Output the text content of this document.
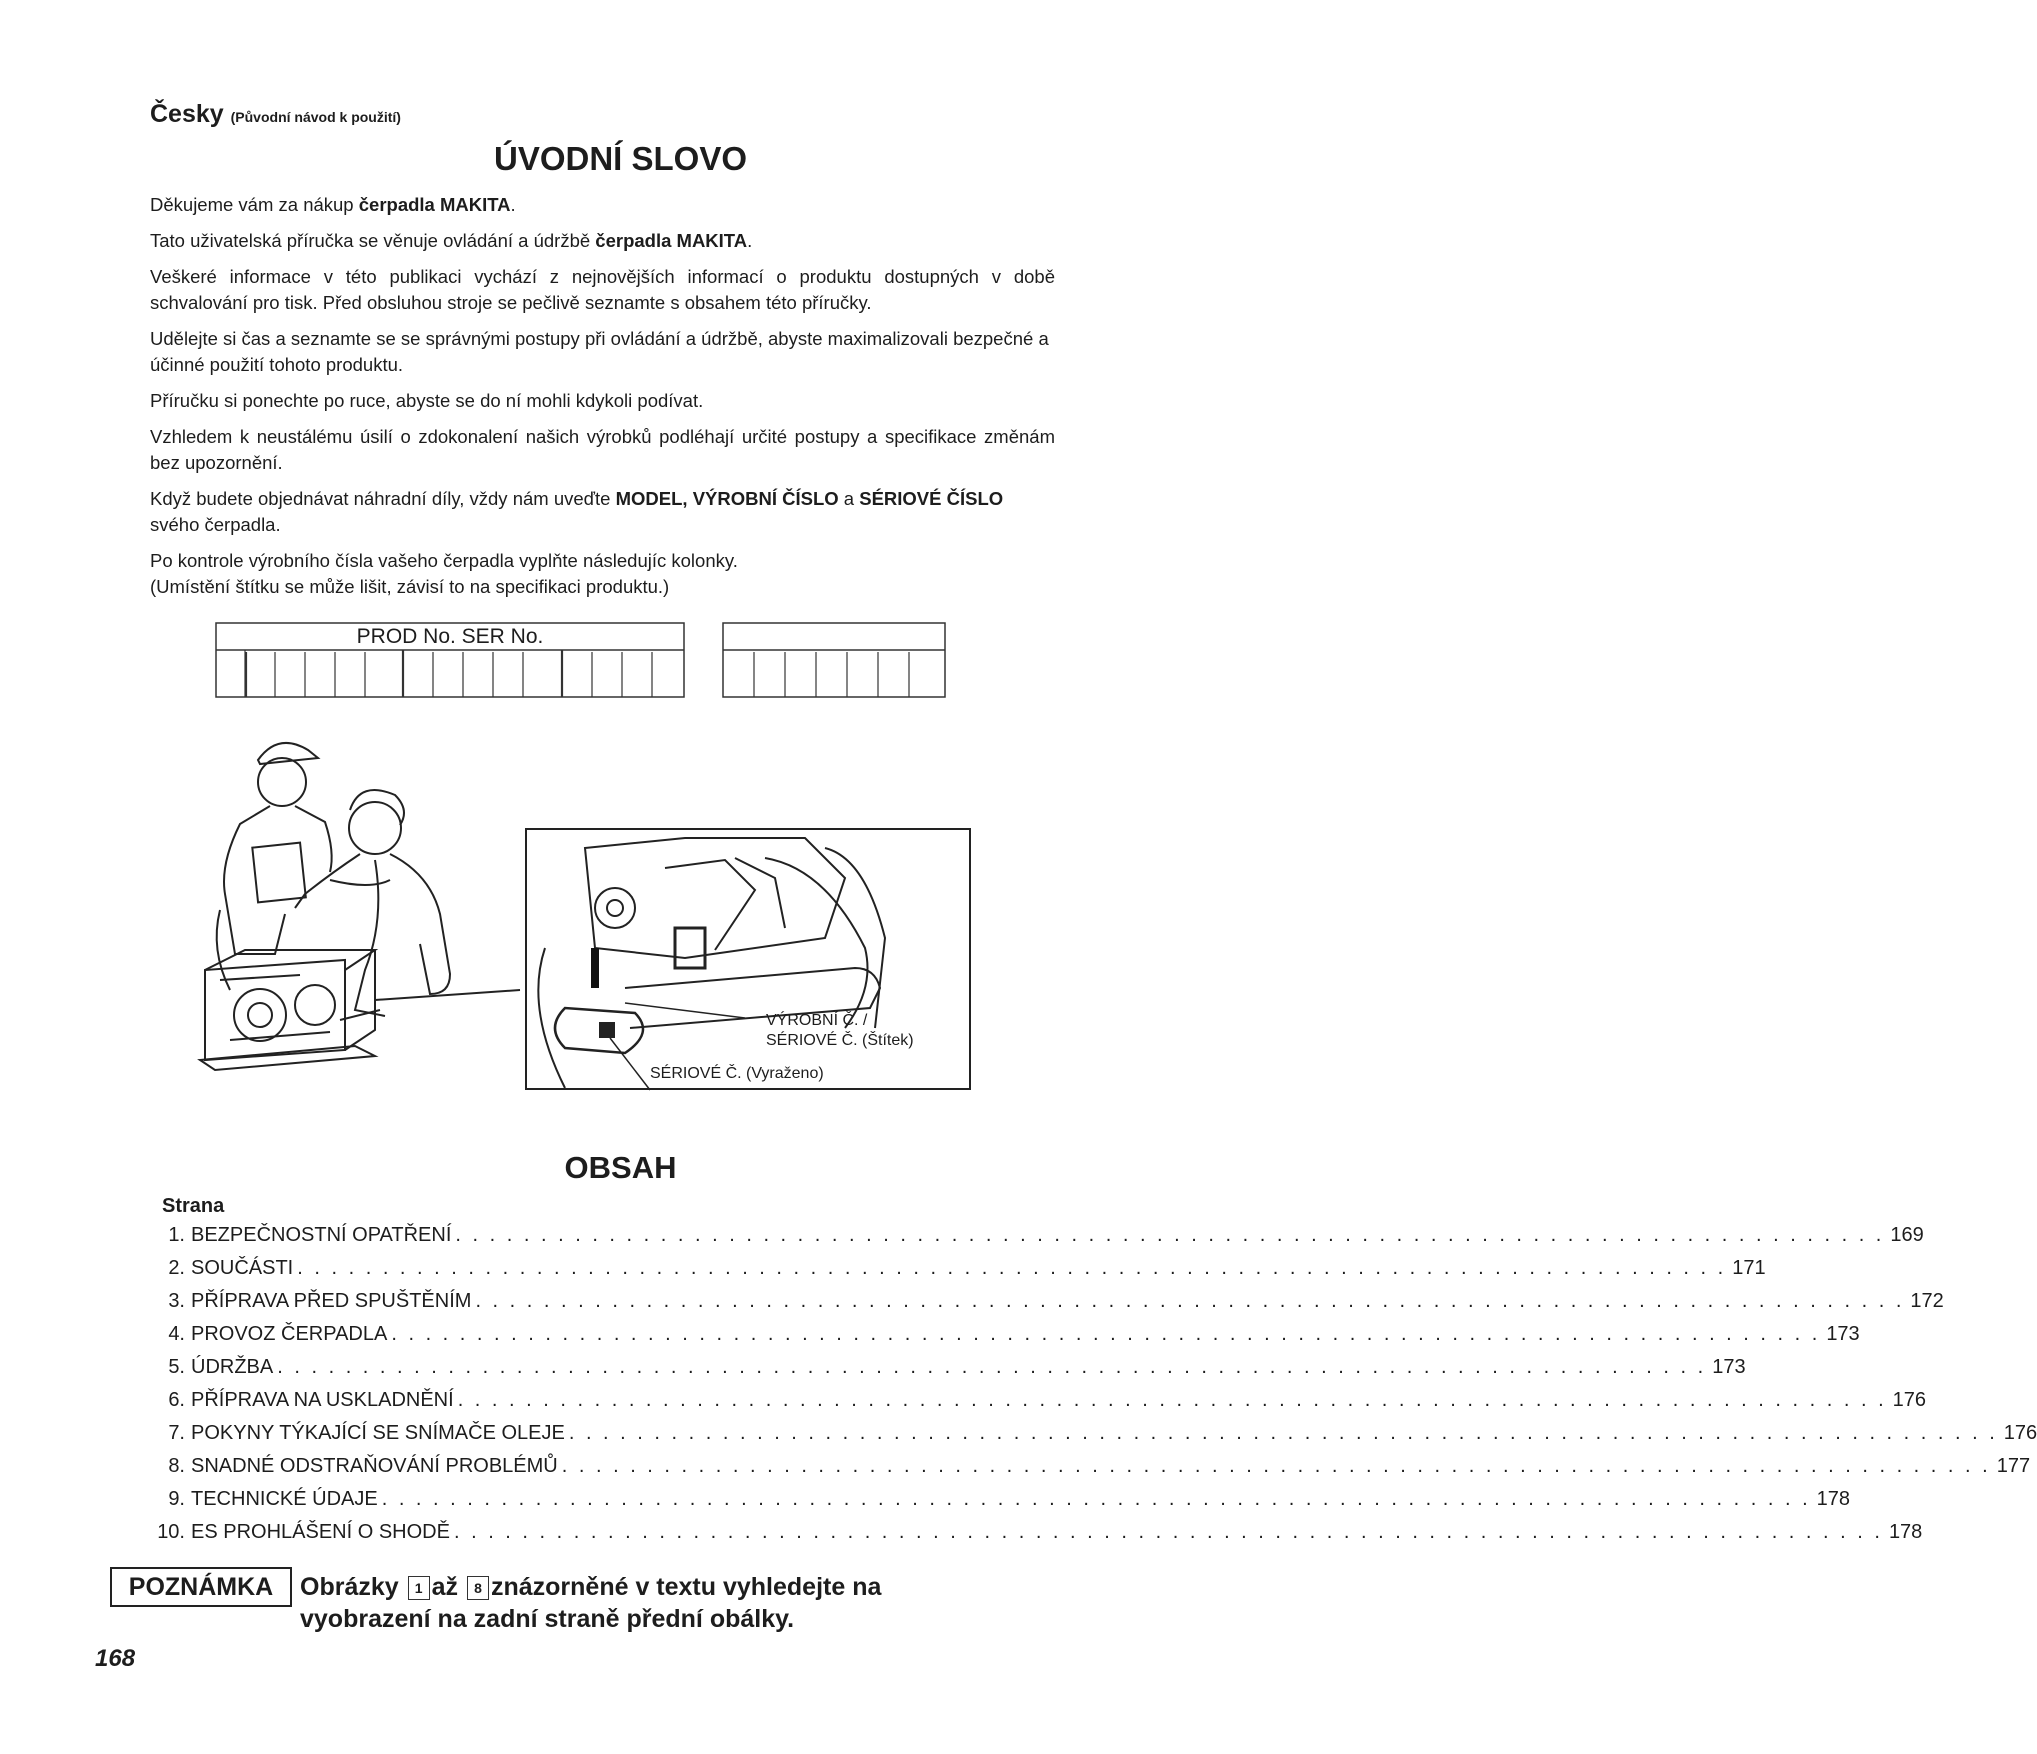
Česky (Původní návod k použití)
ÚVODNÍ SLOVO
Děkujeme vám za nákup čerpadla MAKITA.
Tato uživatelská příručka se věnuje ovládání a údržbě čerpadla MAKITA.
Veškeré informace v této publikaci vychází z nejnovějších informací o produktu dostupných v době schvalování pro tisk. Před obsluhou stroje se pečlivě seznamte s obsahem této příručky.
Udělejte si čas a seznamte se se správnými postupy při ovládání a údržbě, abyste maximalizovali bezpečné a účinné použití tohoto produktu.
Příručku si ponechte po ruce, abyste se do ní mohli kdykoli podívat.
Vzhledem k neustálému úsilí o zdokonalení našich výrobků podléhají určité postupy a specifikace změnám bez upozornění.
Když budete objednávat náhradní díly, vždy nám uveďte MODEL, VÝROBNÍ ČÍSLO a SÉRIOVÉ ČÍSLO svého čerpadla.
Po kontrole výrobního čísla vašeho čerpadla vyplňte následujíc kolonky.
(Umístění štítku se může lišit, závisí to na specifikaci produktu.)
PROD No. SER No.
VÝROBNÍ Č. /
SÉRIOVÉ Č. (Štítek)
SÉRIOVÉ Č. (Vyraženo)
OBSAH
Strana
1. BEZPEČNOSTNÍ OPATŘENÍ . . . . . . . . . . . . . . . . . . . . . . . . . . . . . . . . . . . . . . . . . . . . . . . . . . . . . . . . . . . . . . . . . . . . . . . . . . . . . . . . . . . . 169
2. SOUČÁSTI . . . . . . . . . . . . . . . . . . . . . . . . . . . . . . . . . . . . . . . . . . . . . . . . . . . . . . . . . . . . . . . . . . . . . . . . . . . . . . . . . . . . 171
3. PŘÍPRAVA PŘED SPUŠTĚNÍM . . . . . . . . . . . . . . . . . . . . . . . . . . . . . . . . . . . . . . . . . . . . . . . . . . . . . . . . . . . . . . . . . . . . . . . . . . . . . . . . . . . . 172
4. PROVOZ ČERPADLA . . . . . . . . . . . . . . . . . . . . . . . . . . . . . . . . . . . . . . . . . . . . . . . . . . . . . . . . . . . . . . . . . . . . . . . . . . . . . . . . . . . . 173
5. ÚDRŽBA . . . . . . . . . . . . . . . . . . . . . . . . . . . . . . . . . . . . . . . . . . . . . . . . . . . . . . . . . . . . . . . . . . . . . . . . . . . . . . . . . . . . 173
6. PŘÍPRAVA NA USKLADNĚNÍ . . . . . . . . . . . . . . . . . . . . . . . . . . . . . . . . . . . . . . . . . . . . . . . . . . . . . . . . . . . . . . . . . . . . . . . . . . . . . . . . . . . . 176
7. POKYNY TÝKAJÍCÍ SE SNÍMAČE OLEJE . . . . . . . . . . . . . . . . . . . . . . . . . . . . . . . . . . . . . . . . . . . . . . . . . . . . . . . . . . . . . . . . . . . . . . . . . . . . . . . . . . . . 176
8. SNADNÉ ODSTRAŇOVÁNÍ PROBLÉMŮ . . . . . . . . . . . . . . . . . . . . . . . . . . . . . . . . . . . . . . . . . . . . . . . . . . . . . . . . . . . . . . . . . . . . . . . . . . . . . . . . . . . . 177
9. TECHNICKÉ ÚDAJE . . . . . . . . . . . . . . . . . . . . . . . . . . . . . . . . . . . . . . . . . . . . . . . . . . . . . . . . . . . . . . . . . . . . . . . . . . . . . . . . . . . . 178
10. ES PROHLÁŠENÍ O SHODĚ . . . . . . . . . . . . . . . . . . . . . . . . . . . . . . . . . . . . . . . . . . . . . . . . . . . . . . . . . . . . . . . . . . . . . . . . . . . . . . . . . . . . 178
POZNÁMKA	Obrázky 1 až 8 znázorněné v textu vyhledejte na
vyobrazení na zadní straně přední obálky.
168
